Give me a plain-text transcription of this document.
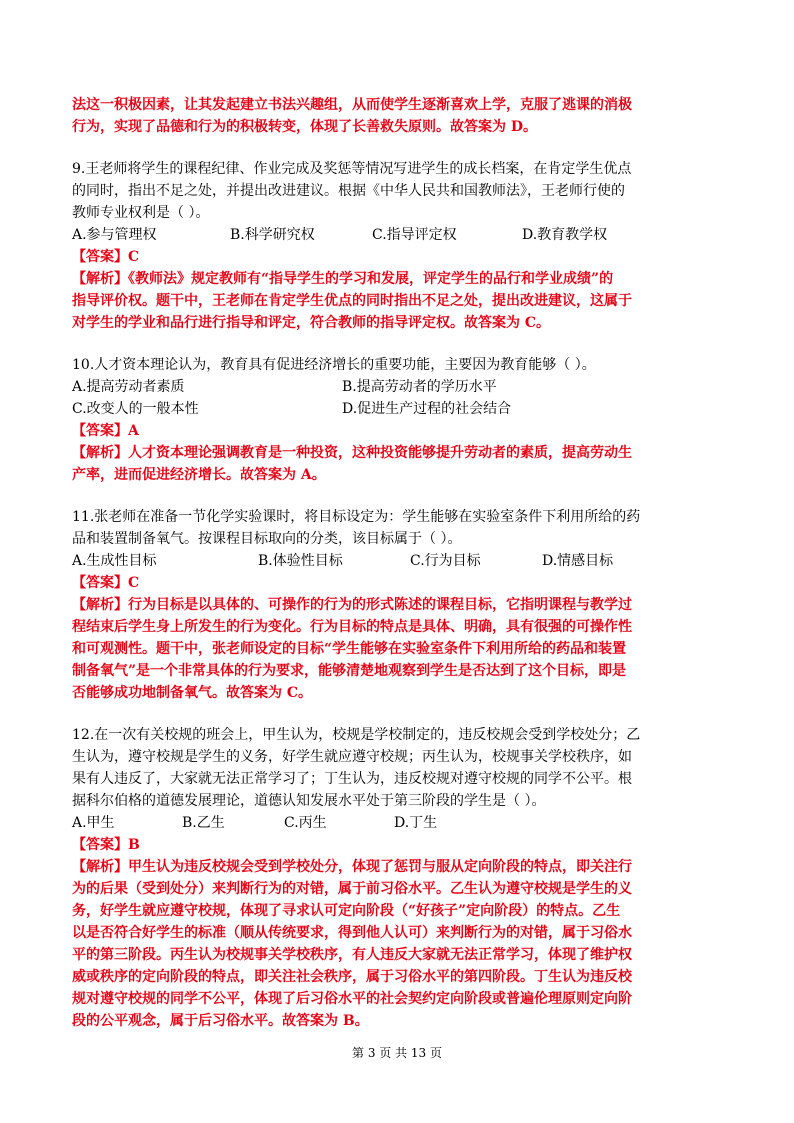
法这一积极因素，让其发起建立书法兴趣组，从而使学生逐渐喜欢上学，克服了逃课的消极
行为，实现了品德和行为的积极转变，体现了长善救失原则。故答案为 D。
9.王老师将学生的课程纪律、作业完成及奖惩等情况写进学生的成长档案，在肯定学生优点
的同时，指出不足之处，并提出改进建议。根据《中华人民共和国教师法》，王老师行使的
教师专业权利是（ ）。
A.参与管理权	B.科学研究权	C.指导评定权	D.教育教学权
【答案】C
【解析】《教师法》规定教师有“指导学生的学习和发展，评定学生的品行和学业成绩”的
指导评价权。题干中，王老师在肯定学生优点的同时指出不足之处，提出改进建议，这属于
对学生的学业和品行进行指导和评定，符合教师的指导评定权。故答案为 C。
10.人才资本理论认为，教育具有促进经济增长的重要功能，主要因为教育能够（ ）。
A.提高劳动者素质	B.提高劳动者的学历水平
C.改变人的一般本性	D.促进生产过程的社会结合
【答案】A
【解析】人才资本理论强调教育是一种投资，这种投资能够提升劳动者的素质，提高劳动生
产率，进而促进经济增长。故答案为 A。
11.张老师在准备一节化学实验课时，将目标设定为：学生能够在实验室条件下利用所给的药
品和装置制备氧气。按课程目标取向的分类，该目标属于（ ）。
A.生成性目标	B.体验性目标	C.行为目标	D.情感目标
【答案】C
【解析】行为目标是以具体的、可操作的行为的形式陈述的课程目标，它指明课程与教学过
程结束后学生身上所发生的行为变化。行为目标的特点是具体、明确，具有很强的可操作性
和可观测性。题干中，张老师设定的目标“学生能够在实验室条件下利用所给的药品和装置
制备氧气”是一个非常具体的行为要求，能够清楚地观察到学生是否达到了这个目标，即是
否能够成功地制备氧气。故答案为 C。
12.在一次有关校规的班会上，甲生认为，校规是学校制定的，违反校规会受到学校处分；乙
生认为，遵守校规是学生的义务，好学生就应遵守校规；丙生认为，校规事关学校秩序，如
果有人违反了，大家就无法正常学习了；丁生认为，违反校规对遵守校规的同学不公平。根
据科尔伯格的道德发展理论，道德认知发展水平处于第三阶段的学生是（ ）。
A.甲生	B.乙生	C.丙生	D.丁生
【答案】B
【解析】甲生认为违反校规会受到学校处分，体现了惩罚与服从定向阶段的特点，即关注行
为的后果（受到处分）来判断行为的对错，属于前习俗水平。乙生认为遵守校规是学生的义
务，好学生就应遵守校规，体现了寻求认可定向阶段（“好孩子”定向阶段）的特点。乙生
以是否符合好学生的标准（顺从传统要求，得到他人认可）来判断行为的对错，属于习俗水
平的第三阶段。丙生认为校规事关学校秩序，有人违反大家就无法正常学习，体现了维护权
威或秩序的定向阶段的特点，即关注社会秩序，属于习俗水平的第四阶段。丁生认为违反校
规对遵守校规的同学不公平，体现了后习俗水平的社会契约定向阶段或普遍伦理原则定向阶
段的公平观念，属于后习俗水平。故答案为 B。
第 3 页 共 13 页
